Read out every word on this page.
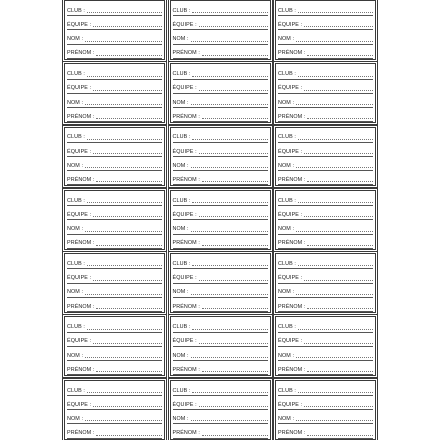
CLUB :
ÉQUIPE :
NOM :
PRÉNOM :
CLUB :
ÉQUIPE :
NOM :
PRÉNOM :
CLUB :
ÉQUIPE :
NOM :
PRÉNOM :
CLUB :
ÉQUIPE :
NOM :
PRÉNOM :
CLUB :
ÉQUIPE :
NOM :
PRÉNOM :
CLUB :
ÉQUIPE :
NOM :
PRÉNOM :
CLUB :
ÉQUIPE :
NOM :
PRÉNOM :
CLUB :
ÉQUIPE :
NOM :
PRÉNOM :
CLUB :
ÉQUIPE :
NOM :
PRÉNOM :
CLUB :
ÉQUIPE :
NOM :
PRÉNOM :
CLUB :
ÉQUIPE :
NOM :
PRÉNOM :
CLUB :
ÉQUIPE :
NOM :
PRÉNOM :
CLUB :
ÉQUIPE :
NOM :
PRÉNOM :
CLUB :
ÉQUIPE :
NOM :
PRÉNOM :
CLUB :
ÉQUIPE :
NOM :
PRÉNOM :
CLUB :
ÉQUIPE :
NOM :
PRÉNOM :
CLUB :
ÉQUIPE :
NOM :
PRÉNOM :
CLUB :
ÉQUIPE :
NOM :
PRÉNOM :
CLUB :
ÉQUIPE :
NOM :
PRÉNOM :
CLUB :
ÉQUIPE :
NOM :
PRÉNOM :
CLUB :
ÉQUIPE :
NOM :
PRÉNOM :
